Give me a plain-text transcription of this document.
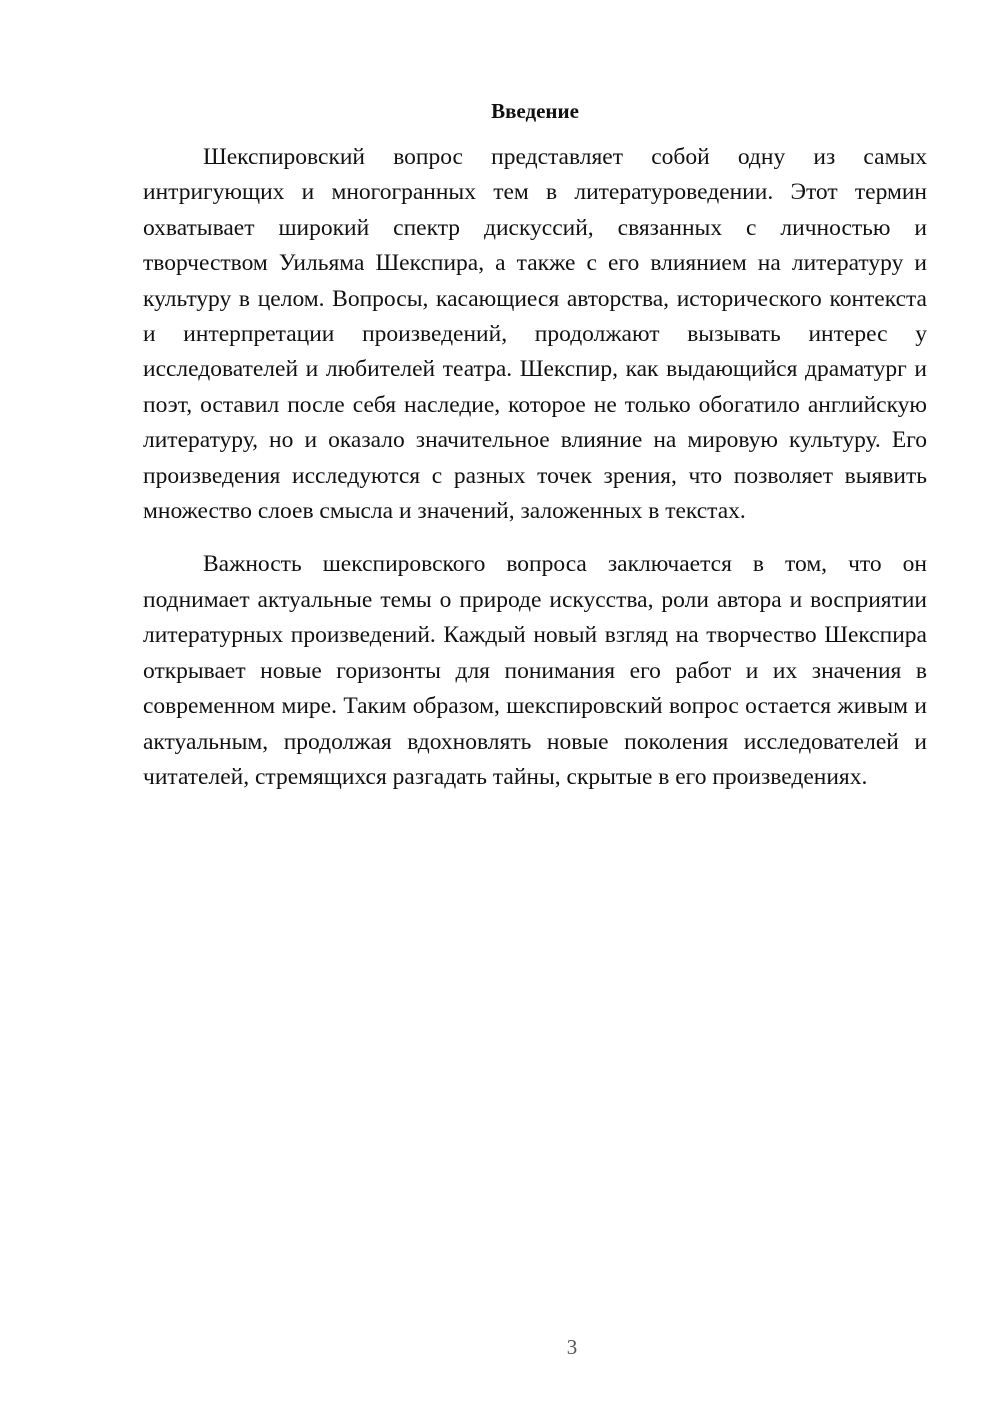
Введение

Шекспировский вопрос представляет собой одну из самых интригующих и многогранных тем в литературоведении. Этот термин охватывает широкий спектр дискуссий, связанных с личностью и творчеством Уильяма Шекспира, а также с его влиянием на литературу и культуру в целом. Вопросы, касающиеся авторства, исторического контекста и интерпретации произведений, продолжают вызывать интерес у исследователей и любителей театра. Шекспир, как выдающийся драматург и поэт, оставил после себя наследие, которое не только обогатило английскую литературу, но и оказало значительное влияние на мировую культуру. Его произведения исследуются с разных точек зрения, что позволяет выявить множество слоев смысла и значений, заложенных в текстах.

Важность шекспировского вопроса заключается в том, что он поднимает актуальные темы о природе искусства, роли автора и восприятии литературных произведений. Каждый новый взгляд на творчество Шекспира открывает новые горизонты для понимания его работ и их значения в современном мире. Таким образом, шекспировский вопрос остается живым и актуальным, продолжая вдохновлять новые поколения исследователей и читателей, стремящихся разгадать тайны, скрытые в его произведениях.

3
